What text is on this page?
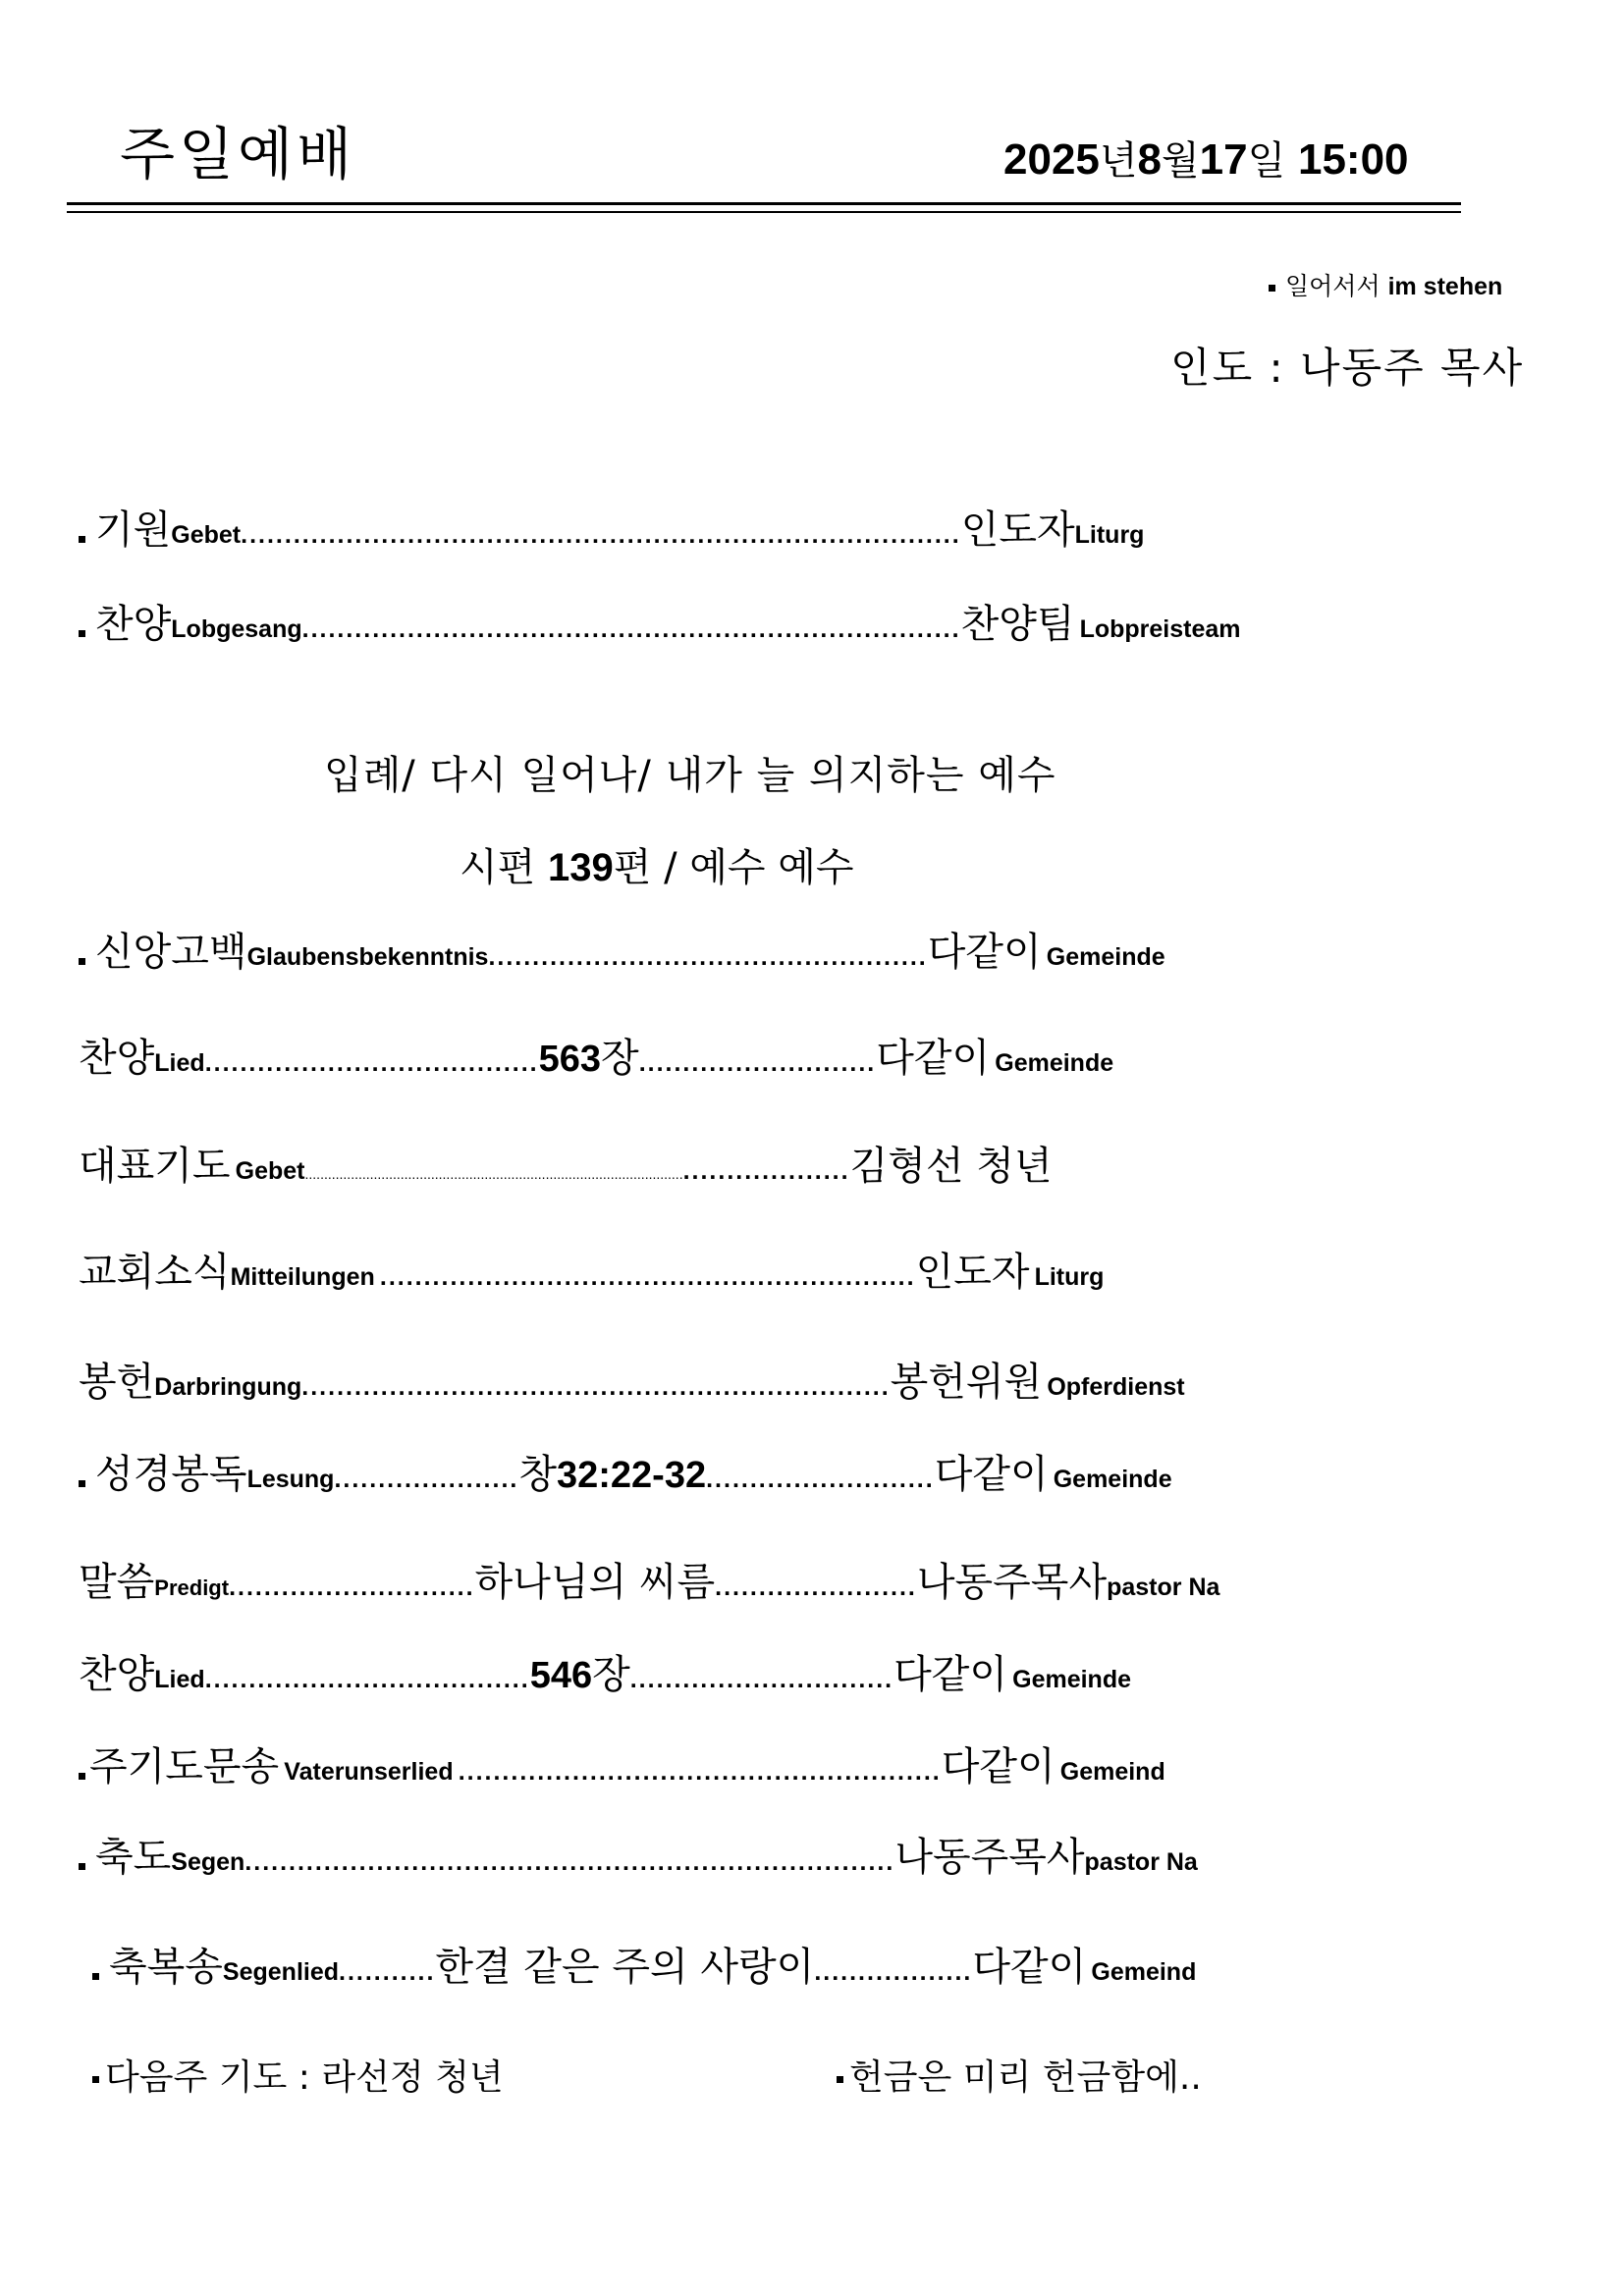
주일예배	2025년8월17일 15:00
일어서서 im stehen
인도 : 나동주 목사
기원 Gebet .................................................................................. 인도자 Liturg
찬양 Lobgesang ........................................................................... 찬양팀
Lobpreisteam
입례/ 다시 일어나/ 내가 늘 의지하는 예수
시편 139편 / 예수 예수
신앙고백 Glaubensbekenntnis .................................................. 다같이
Gemeinde
찬양 Lied ...................................... 563 장 ........................... 다같이
Gemeinde
대표기도
Gebet ................................................................................................... ................... 김형선 청년
교회소식 Mitteilungen
............................................................. 인도자
Liturg
봉헌 Darbringung ................................................................... 봉헌위원
Opferdienst
성경봉독 Lesung ..................... 창 32:22-32 .......................... 다같이
Gemeinde
말씀 Predigt ............................ 하나님의 씨름 ....................... 나동주목사 pastor Na
찬양 Lied ..................................... 546 장 .............................. 다같이
Gemeinde
주기도문송
Vaterunserlied
....................................................... 다같이
Gemeind
축도 Segen .......................................................................... 나동주목사 pastor Na
축복송 Segenlied ........... 한결 같은 주의 사랑이 .................. 다같이
Gemeind
다음주 기도 : 라선정 청년	헌금은 미리 헌금함에..
